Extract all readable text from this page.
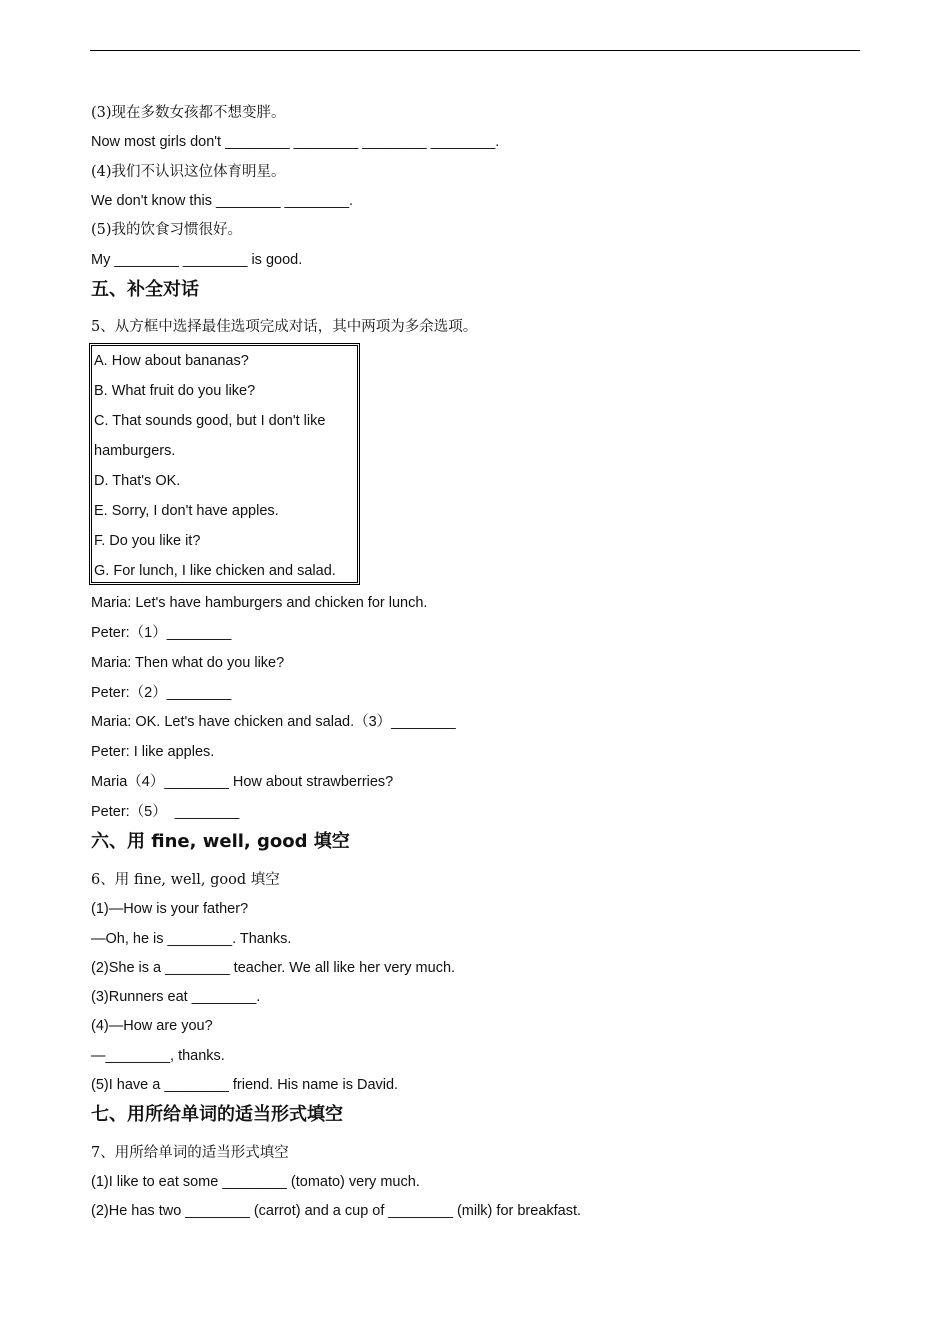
(3)现在多数女孩都不想变胖。
Now most girls don't ________ ________ ________ ________.
(4)我们不认识这位体育明星。
We don't know this ________ ________.
(5)我的饮食习惯很好。
My ________ ________ is good.
五、补全对话
5、从方框中选择最佳选项完成对话，其中两项为多余选项。
A. How about bananas?
B. What fruit do you like?
C. That sounds good, but I don't like
hamburgers.
D. That's OK.
E. Sorry, I don't have apples.
F. Do you like it?
G. For lunch, I like chicken and salad.
Maria: Let's have hamburgers and chicken for lunch.
Peter:（1）________
Maria: Then what do you like?
Peter:（2）________
Maria: OK. Let's have chicken and salad.（3）________
Peter: I like apples.
Maria（4）________ How about strawberries?
Peter:（5）  ________
六、用 fine, well, good 填空
6、用 fine, well, good 填空
(1)—How is your father?
—Oh, he is ________. Thanks.
(2)She is a ________ teacher. We all like her very much.
(3)Runners eat ________.
(4)—How are you?
—________, thanks.
(5)I have a ________ friend. His name is David.
七、用所给单词的适当形式填空
7、用所给单词的适当形式填空
(1)I like to eat some ________ (tomato) very much.
(2)He has two ________ (carrot) and a cup of ________ (milk) for breakfast.
